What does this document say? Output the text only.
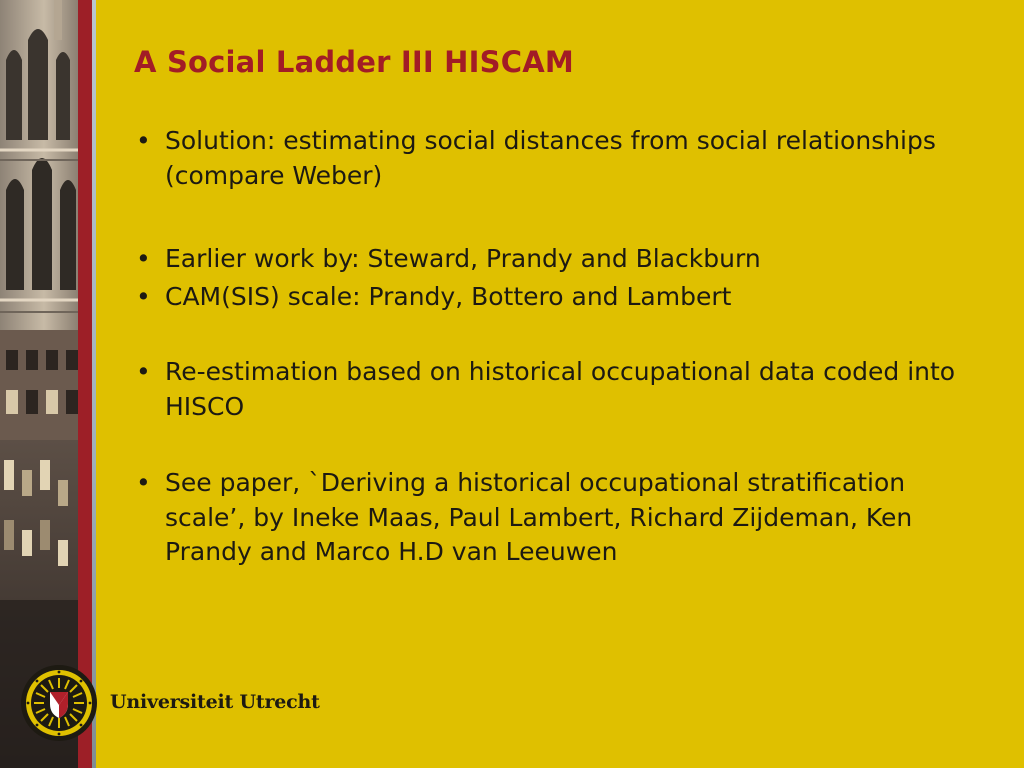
A Social Ladder III HISCAM
• Solution: estimating social distances from social relationships (compare Weber)
• Earlier work by: Steward, Prandy and Blackburn
• CAM(SIS) scale: Prandy, Bottero and Lambert
• Re-estimation based on historical occupational data coded into HISCO
• See paper, `Deriving a historical occupational stratification scale’, by Ineke Maas, Paul Lambert, Richard Zijdeman, Ken Prandy and Marco H.D van Leeuwen
Universiteit Utrecht
